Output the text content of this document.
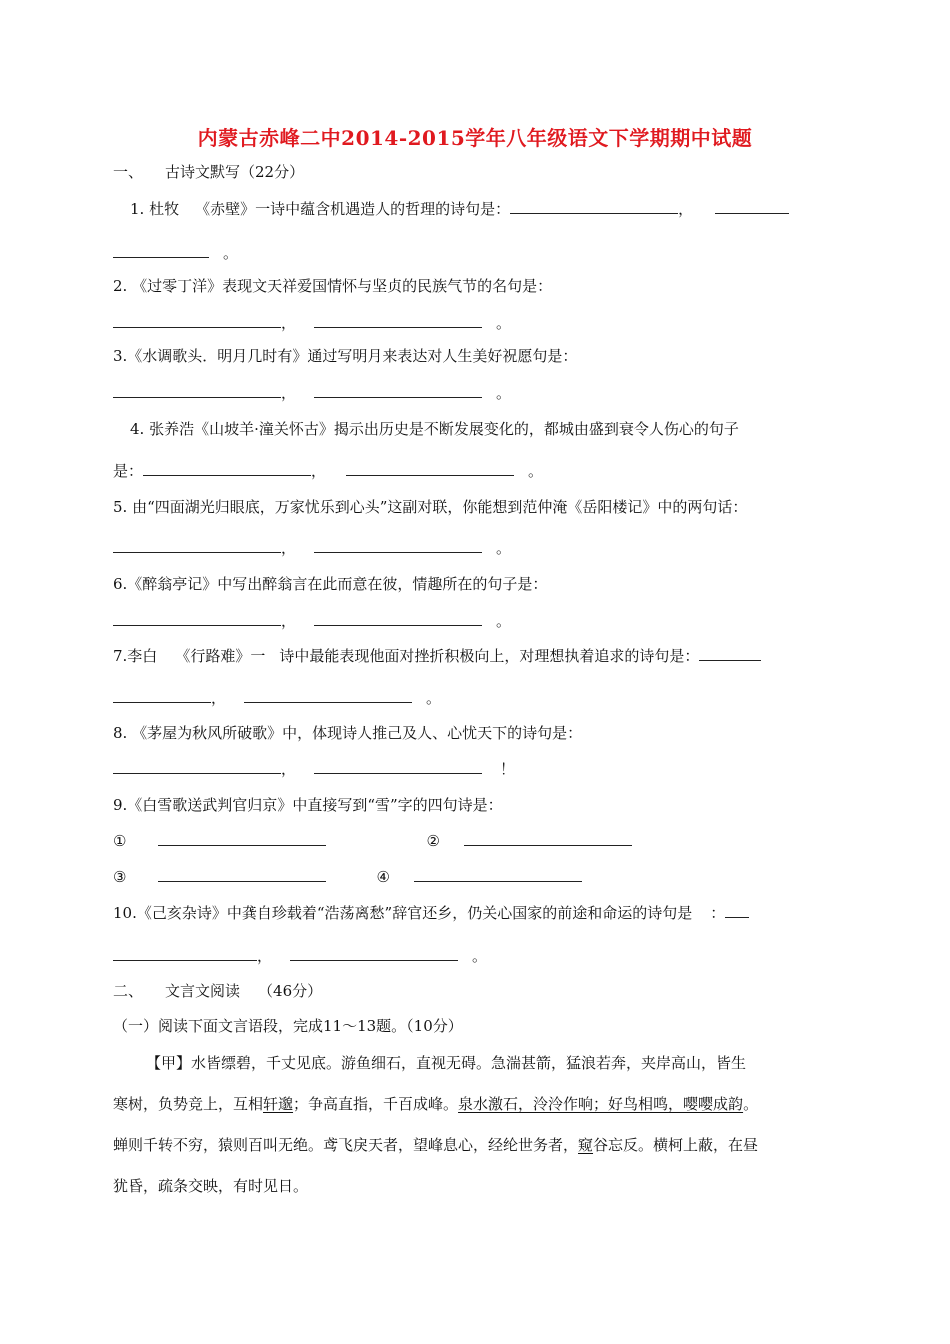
内蒙古赤峰二中2014-2015学年八年级语文下学期期中试题
一、 古诗文默写（22分）
1. 杜牧 《赤壁》一诗中蕴含机遇造人的哲理的诗句是：	，
。
2. 《过零丁洋》表现文天祥爱国情怀与坚贞的民族气节的名句是：
，	。
3.《水调歌头．明月几时有》通过写明月来表达对人生美好祝愿句是：
，	。
4. 张养浩《山坡羊·潼关怀古》揭示出历史是不断发展变化的，都城由盛到衰令人伤心的句子
是：	，	。
5. 由“四面湖光归眼底，万家忧乐到心头”这副对联，你能想到范仲淹《岳阳楼记》中的两句话：
，	。
6.《醉翁亭记》中写出醉翁言在此而意在彼，情趣所在的句子是：
，	。
7.李白 《行路难》一 诗中最能表现他面对挫折积极向上，对理想执着追求的诗句是：
，	。
8. 《茅屋为秋风所破歌》中，体现诗人推己及人、心忧天下的诗句是：
，	！
9.《白雪歌送武判官归京》中直接写到“雪”字的四句诗是：
①	②
③	④
10.《己亥杂诗》中龚自珍载着“浩荡离愁”辞官还乡，仍关心国家的前途和命运的诗句是 ：
，	。
二、 文言文阅读 （46分）
（一）阅读下面文言语段，完成11～13题。（10分）
【甲】水皆缥碧，千丈见底。游鱼细石，直视无碍。急湍甚箭，猛浪若奔，夹岸高山，皆生
寒树，负势竞上，互相轩邈；争高直指，千百成峰。泉水激石，泠泠作响；好鸟相鸣，嘤嘤成韵。
蝉则千转不穷，猿则百叫无绝。鸢飞戾天者，望峰息心，经纶世务者，窥谷忘反。横柯上蔽，在昼
犹昏，疏条交映，有时见日。
